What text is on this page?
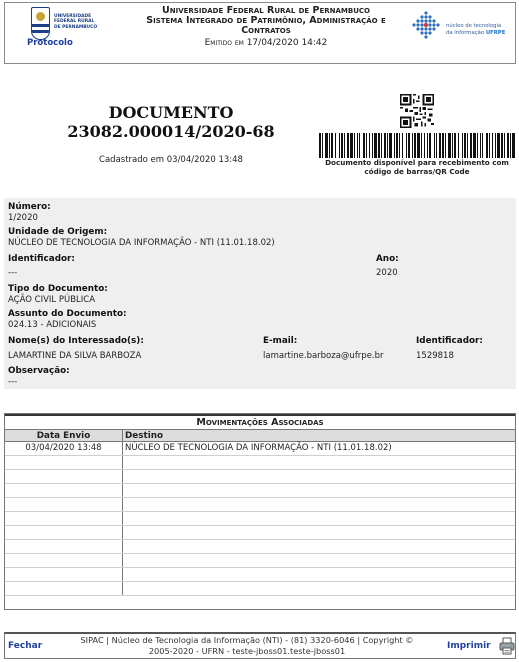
UNIVERSIDADE
FEDERAL RURAL
DE PERNAMBUCO
Protocolo
Universidade Federal Rural de Pernambuco
Sistema Integrado de Patrimônio, Administração e
Contratos
Emitido em 17/04/2020 14:42
núcleo de tecnologia
da informação UFRPE
DOCUMENTO
23082.000014/2020-68
Cadastrado em 03/04/2020 13:48	Documento disponível para recebimento com
código de barras/QR Code
Número:
1/2020
Unidade de Origem:
NÚCLEO DE TECNOLOGIA DA INFORMAÇÃO - NTI (11.01.18.02)
Identificador:
---
Ano:
2020
Tipo do Documento:
AÇÃO CIVIL PÚBLICA
Assunto do Documento:
024.13 - ADICIONAIS
Nome(s) do Interessado(s):
LAMARTINE DA SILVA BARBOZA
E-mail:
lamartine.barboza@ufrpe.br
Identificador:
1529818
Observação:
---
Movimentações Associadas
Data Envio	Destino
03/04/2020 13:48	NÚCLEO DE TECNOLOGIA DA INFORMAÇÃO - NTI (11.01.18.02)
Fechar
SIPAC | Núcleo de Tecnologia da Informação (NTI) - (81) 3320-6046 | Copyright ©
2005-2020 - UFRN - teste-jboss01.teste-jboss01	Imprimir
